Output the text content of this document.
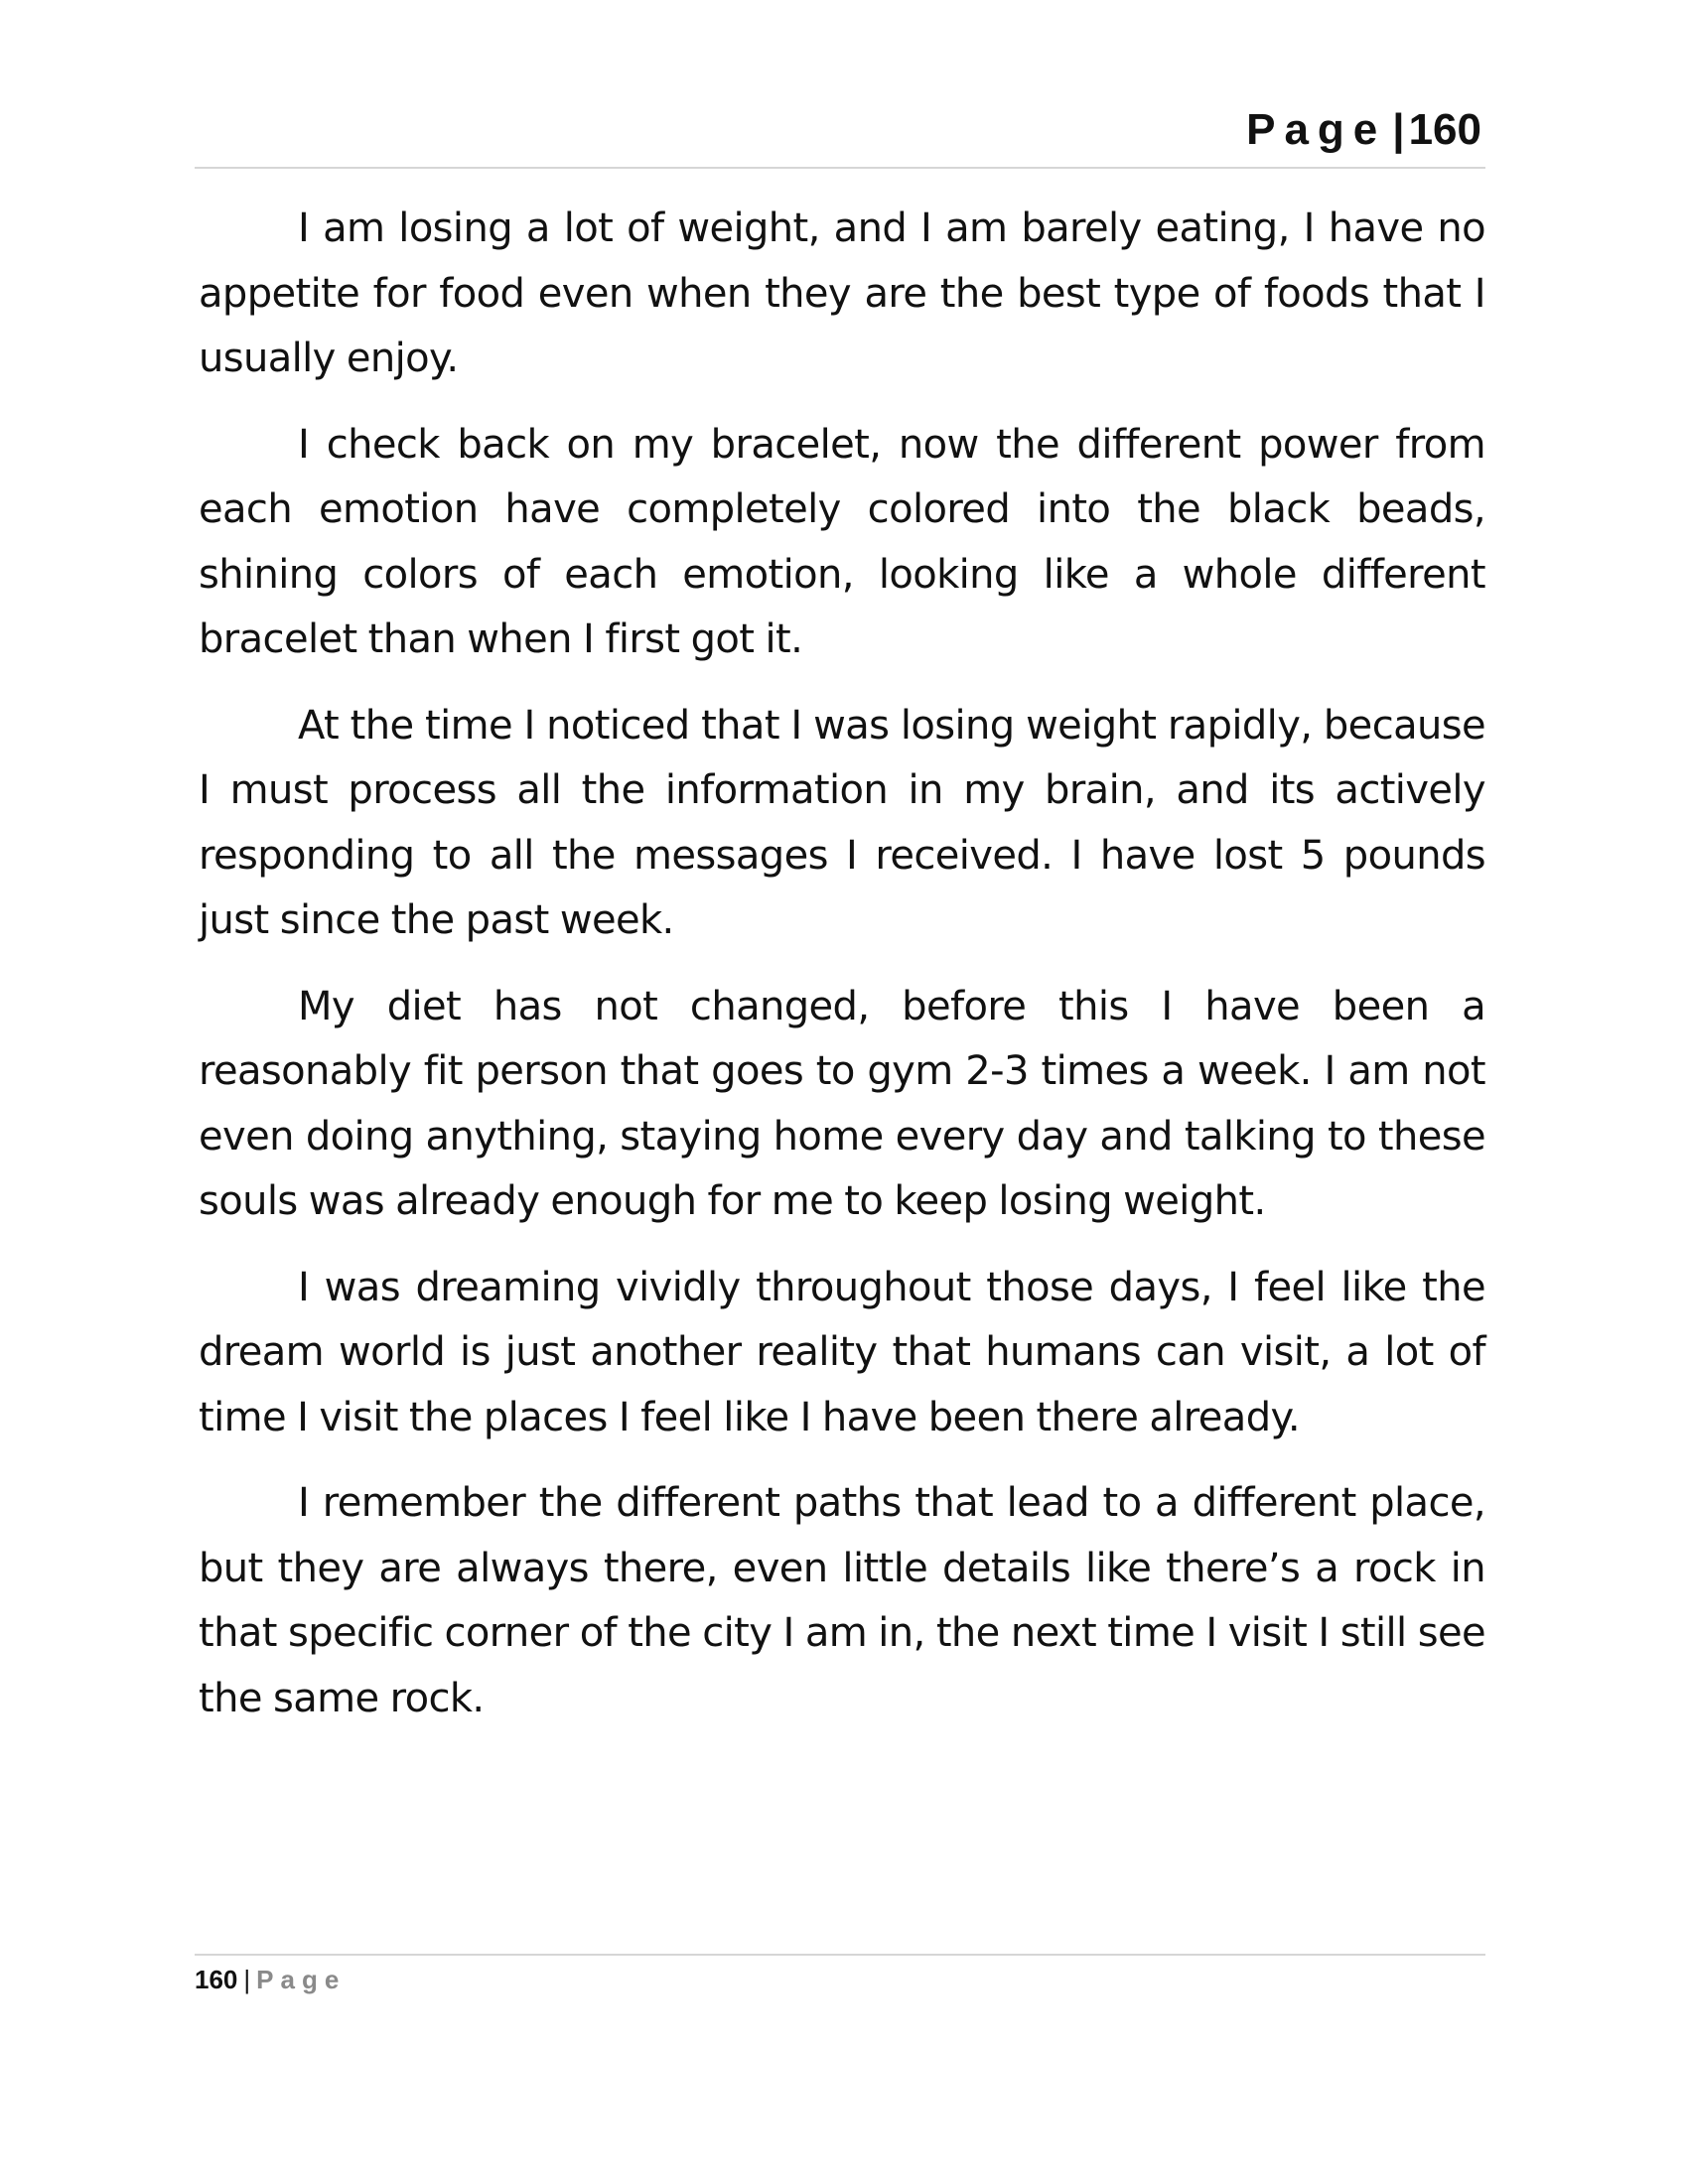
Page |160

I am losing a lot of weight, and I am barely eating, I have no appetite for food even when they are the best type of foods that I usually enjoy.

I check back on my bracelet, now the different power from each emotion have completely colored into the black beads, shining colors of each emotion, looking like a whole different bracelet than when I first got it.

At the time I noticed that I was losing weight rapidly, because I must process all the information in my brain, and its actively responding to all the messages I received. I have lost 5 pounds just since the past week.

My diet has not changed, before this I have been a reasonably fit person that goes to gym 2-3 times a week. I am not even doing anything, staying home every day and talking to these souls was already enough for me to keep losing weight.

I was dreaming vividly throughout those days, I feel like the dream world is just another reality that humans can visit, a lot of time I visit the places I feel like I have been there already.

I remember the different paths that lead to a different place, but they are always there, even little details like there’s a rock in that specific corner of the city I am in, the next time I visit I still see the same rock.

160 | Page
